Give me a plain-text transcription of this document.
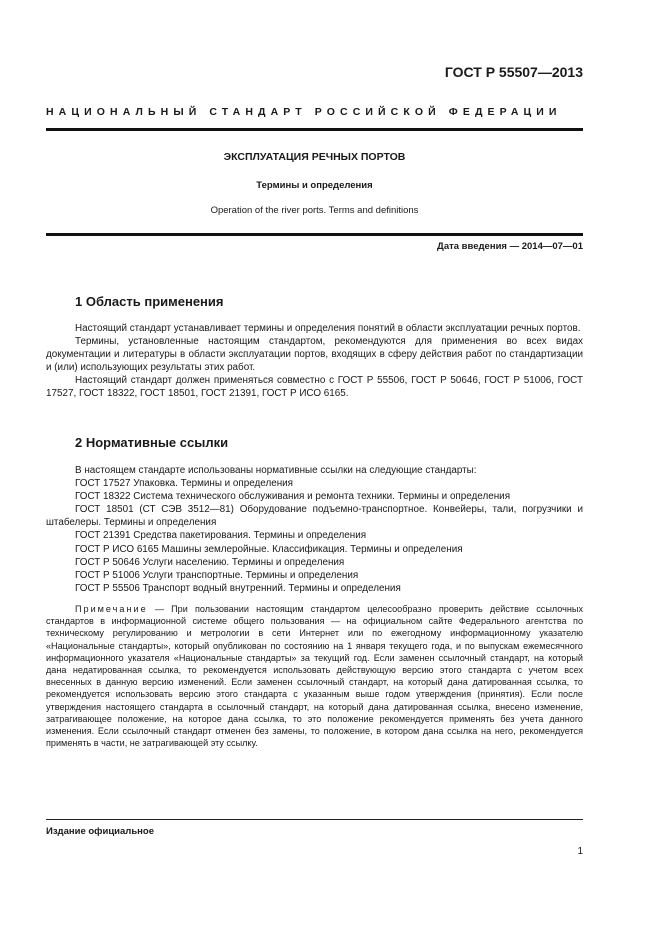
ГОСТ Р 55507—2013
НАЦИОНАЛЬНЫЙ СТАНДАРТ РОССИЙСКОЙ ФЕДЕРАЦИИ
ЭКСПЛУАТАЦИЯ РЕЧНЫХ ПОРТОВ
Термины и определения
Operation of the river ports. Terms and definitions
Дата введения — 2014—07—01
1 Область применения

Настоящий стандарт устанавливает термины и определения понятий в области эксплуатации речных портов.

Термины, установленные настоящим стандартом, рекомендуются для применения во всех видах документации и литературы в области эксплуатации портов, входящих в сферу действия работ по стандартизации и (или) использующих результаты этих работ.

Настоящий стандарт должен применяться совместно с ГОСТ Р 55506, ГОСТ Р 50646, ГОСТ Р 51006, ГОСТ 17527, ГОСТ 18322, ГОСТ 18501, ГОСТ 21391, ГОСТ Р ИСО 6165.

2 Нормативные ссылки

В настоящем стандарте использованы нормативные ссылки на следующие стандарты:

ГОСТ 17527 Упаковка. Термины и определения

ГОСТ 18322 Система технического обслуживания и ремонта техники. Термины и определения

ГОСТ 18501 (СТ СЭВ 3512—81) Оборудование подъемно-транспортное. Конвейеры, тали, погрузчики и штабелеры. Термины и определения

ГОСТ 21391 Средства пакетирования. Термины и определения

ГОСТ Р ИСО 6165 Машины землеройные. Классификация. Термины и определения

ГОСТ Р 50646 Услуги населению. Термины и определения

ГОСТ Р 51006 Услуги транспортные. Термины и определения

ГОСТ Р 55506 Транспорт водный внутренний. Термины и определения

Примечание — При пользовании настоящим стандартом целесообразно проверить действие ссылочных стандартов в информационной системе общего пользования — на официальном сайте Федерального агентства по техническому регулированию и метрологии в сети Интернет или по ежегодному информационному указателю «Национальные стандарты», который опубликован по состоянию на 1 января текущего года, и по выпускам ежемесячного информационного указателя «Национальные стандарты» за текущий год. Если заменен ссылочный стандарт, на который дана недатированная ссылка, то рекомендуется использовать действующую версию этого стандарта с учетом всех внесенных в данную версию изменений. Если заменен ссылочный стандарт, на который дана датированная ссылка, то рекомендуется использовать версию этого стандарта с указанным выше годом утверждения (принятия). Если после утверждения настоящего стандарта в ссылочный стандарт, на который дана датированная ссылка, внесено изменение, затрагивающее положение, на которое дана ссылка, то это положение рекомендуется применять без учета данного изменения. Если ссылочный стандарт отменен без замены, то положение, в котором дана ссылка на него, рекомендуется применять в части, не затрагивающей эту ссылку.
Издание официальное
1
